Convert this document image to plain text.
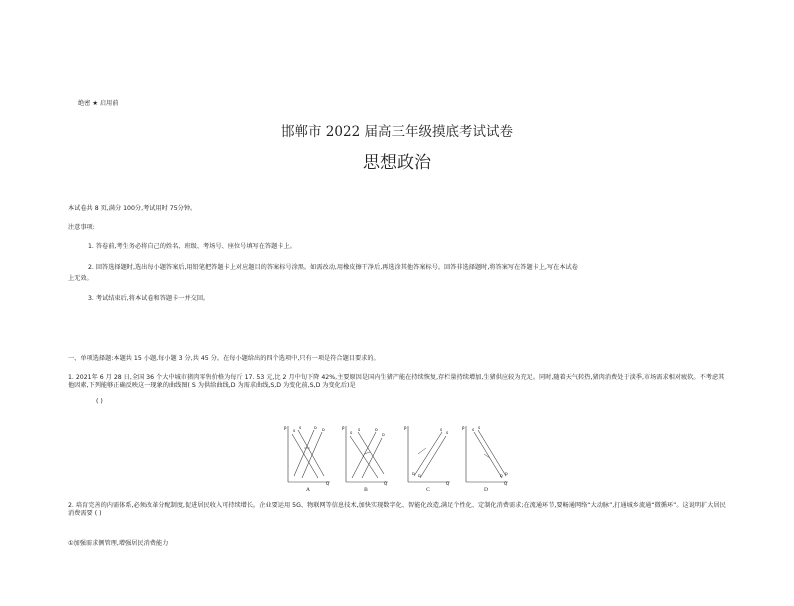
绝密 ★ 启用前
邯郸市 2022 届高三年级摸底考试试卷
思想政治
本试卷共 8 页,满分 100分,考试用时 75分钟。
注意事项:
1. 答卷前,考生务必将自己的姓名、班级、考场号、座位号填写在答题卡上。
2. 回答选择题时,选出每小题答案后,用铅笔把答题卡上对应题目的答案标号涂黑。如需改动,用橡皮擦干净后,再选涂其他答案标号。回答非选择题时,将答案写在答题卡上,写在本试卷
上无效。
3. 考试结束后,将本试卷和答题卡一并交回。
一、单项选择题:本题共 15 小题,每小题 3 分,共 45 分。在每小题给出的四个选项中,只有一项是符合题目要求的。
1. 2021年 6 月 28 日,全国 36 个大中城市猪肉零售价格为每斤 17. 53 元,比 2 月中旬下降 42%,主要原因是国内生猪产能在持续恢复,存栏量持续增加,生猪供应较为充足。同时,随着天气转热,猪肉消费处于淡季,市场需求相对疲软。不考虑其他因素,下列能够正确反映这一现象的曲线图( S 为供给曲线,D 为需求曲线,S,D 为变化前,S,D 为变化后)是
( )
P
Q
S
S	D D
A
P
Q
S
S	D
D
B
P
Q
S
S
D D
C
P
Q
S S
D D
D
2. 培育完善的内需体系,必须改革分配制度,促进居民收入可持续增长。企业要运用 5G、物联网等信息技术,加快实现数字化、智能化改造,满足个性化、定制化消费需求;在流通环节,要畅通网络“大动脉”,打通城乡流通“微循环”。这说明扩大居民消费需要 ( )
①加强需求侧管理,增强居民消费能力
